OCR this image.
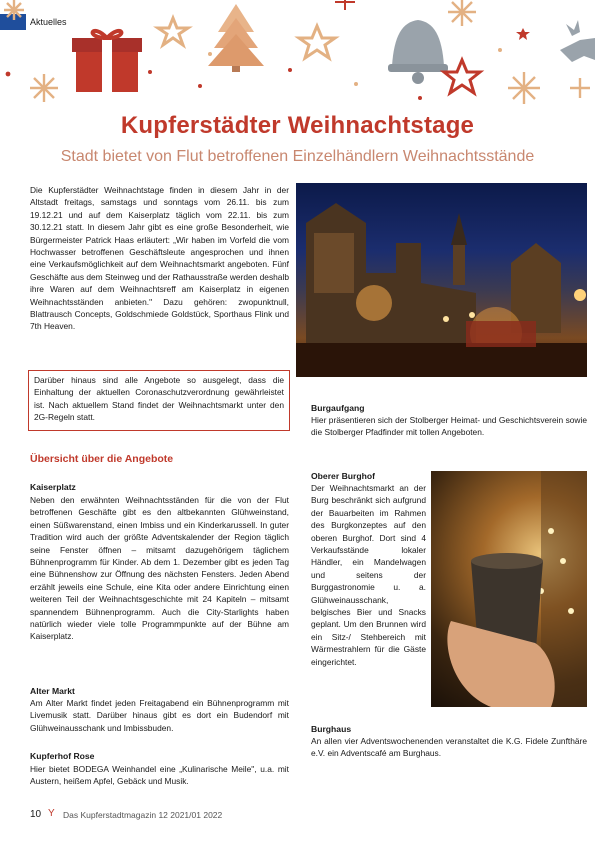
Aktuelles
Kupferstädter Weihnachtstage
Stadt bietet von Flut betroffenen Einzelhändlern Weihnachtsstände
Die Kupferstädter Weihnachtstage finden in diesem Jahr in der Altstadt freitags, samstags und sonntags vom 26.11. bis zum 19.12.21 und auf dem Kaiserplatz täglich vom 22.11. bis zum 30.12.21 statt. In diesem Jahr gibt es eine große Besonderheit, wie Bürgermeister Patrick Haas erläutert: „Wir haben im Vorfeld die vom Hochwasser betroffenen Geschäftsleute angesprochen und ihnen eine Verkaufsmöglichkeit auf dem Weihnachtsmarkt angeboten. Fünf Geschäfte aus dem Steinweg und der Rathausstraße werden deshalb ihre Waren auf dem Weihnachtsreff am Kaiserplatz in eigenen Weihnachtsständen anbieten." Dazu gehören: zwopunktnull, Blattrausch Concepts, Goldschmiede Goldstück, Sporthaus Flink und 7th Heaven.
Darüber hinaus sind alle Angebote so ausgelegt, dass die Einhaltung der aktuellen Coronaschutzverordnung gewährleistet ist. Nach aktuellem Stand findet der Weihnachtsmarkt unter den 2G-Regeln statt.
Übersicht über die Angebote
Kaiserplatz
Neben den erwähnten Weihnachtsständen für die von der Flut betroffenen Geschäfte gibt es den altbekannten Glühweinstand, einen Süßwarenstand, einen Imbiss und ein Kinderkarussell. In guter Tradition wird auch der größte Adventskalender der Region täglich seine Fenster öffnen – mitsamt dazugehörigem täglichem Bühnenprogramm für Kinder. Ab dem 1. Dezember gibt es jeden Tag eine Bühnenshow zur Öffnung des nächsten Fensters. Jeden Abend erzählt jeweils eine Schule, eine Kita oder andere Einrichtung einen weiteren Teil der Weihnachtsgeschichte mit 24 Kapiteln – mitsamt spannendem Bühnenprogramm. Auch die City-Starlights haben natürlich wieder viele tolle Programmpunkte auf der Bühne am Kaiserplatz.
Alter Markt
Am Alter Markt findet jeden Freitagabend ein Bühnenprogramm mit Livemusik statt. Darüber hinaus gibt es dort ein Budendorf mit Glühweinausschank und Imbissbuden.
Kupferhof Rose
Hier bietet BODEGA Weinhandel eine „Kulinarische Meile", u.a. mit Austern, heißem Apfel, Gebäck und Musik.
Burgaufgang
Hier präsentieren sich der Stolberger Heimat- und Geschichtsverein sowie die Stolberger Pfadfinder mit tollen Angeboten.
Oberer Burghof
Der Weihnachtsmarkt an der Burg beschränkt sich aufgrund der Bauarbeiten im Rahmen des Burgkonzeptes auf den oberen Burghof. Dort sind 4 Verkaufsstände lokaler Händler, ein Mandelwagen und seitens der Burggastronomie u. a. Glühweinausschank, belgisches Bier und Snacks geplant. Um den Brunnen wird ein Sitz-/ Stehbereich mit Wärmestrahlern für die Gäste eingerichtet.
Burghaus
An allen vier Adventswochenenden veranstaltet die K.G. Fidele Zunfthäre e.V. ein Adventscafé am Burghaus.
10 Y Das Kupferstadtmagazin 12 2021/01 2022
